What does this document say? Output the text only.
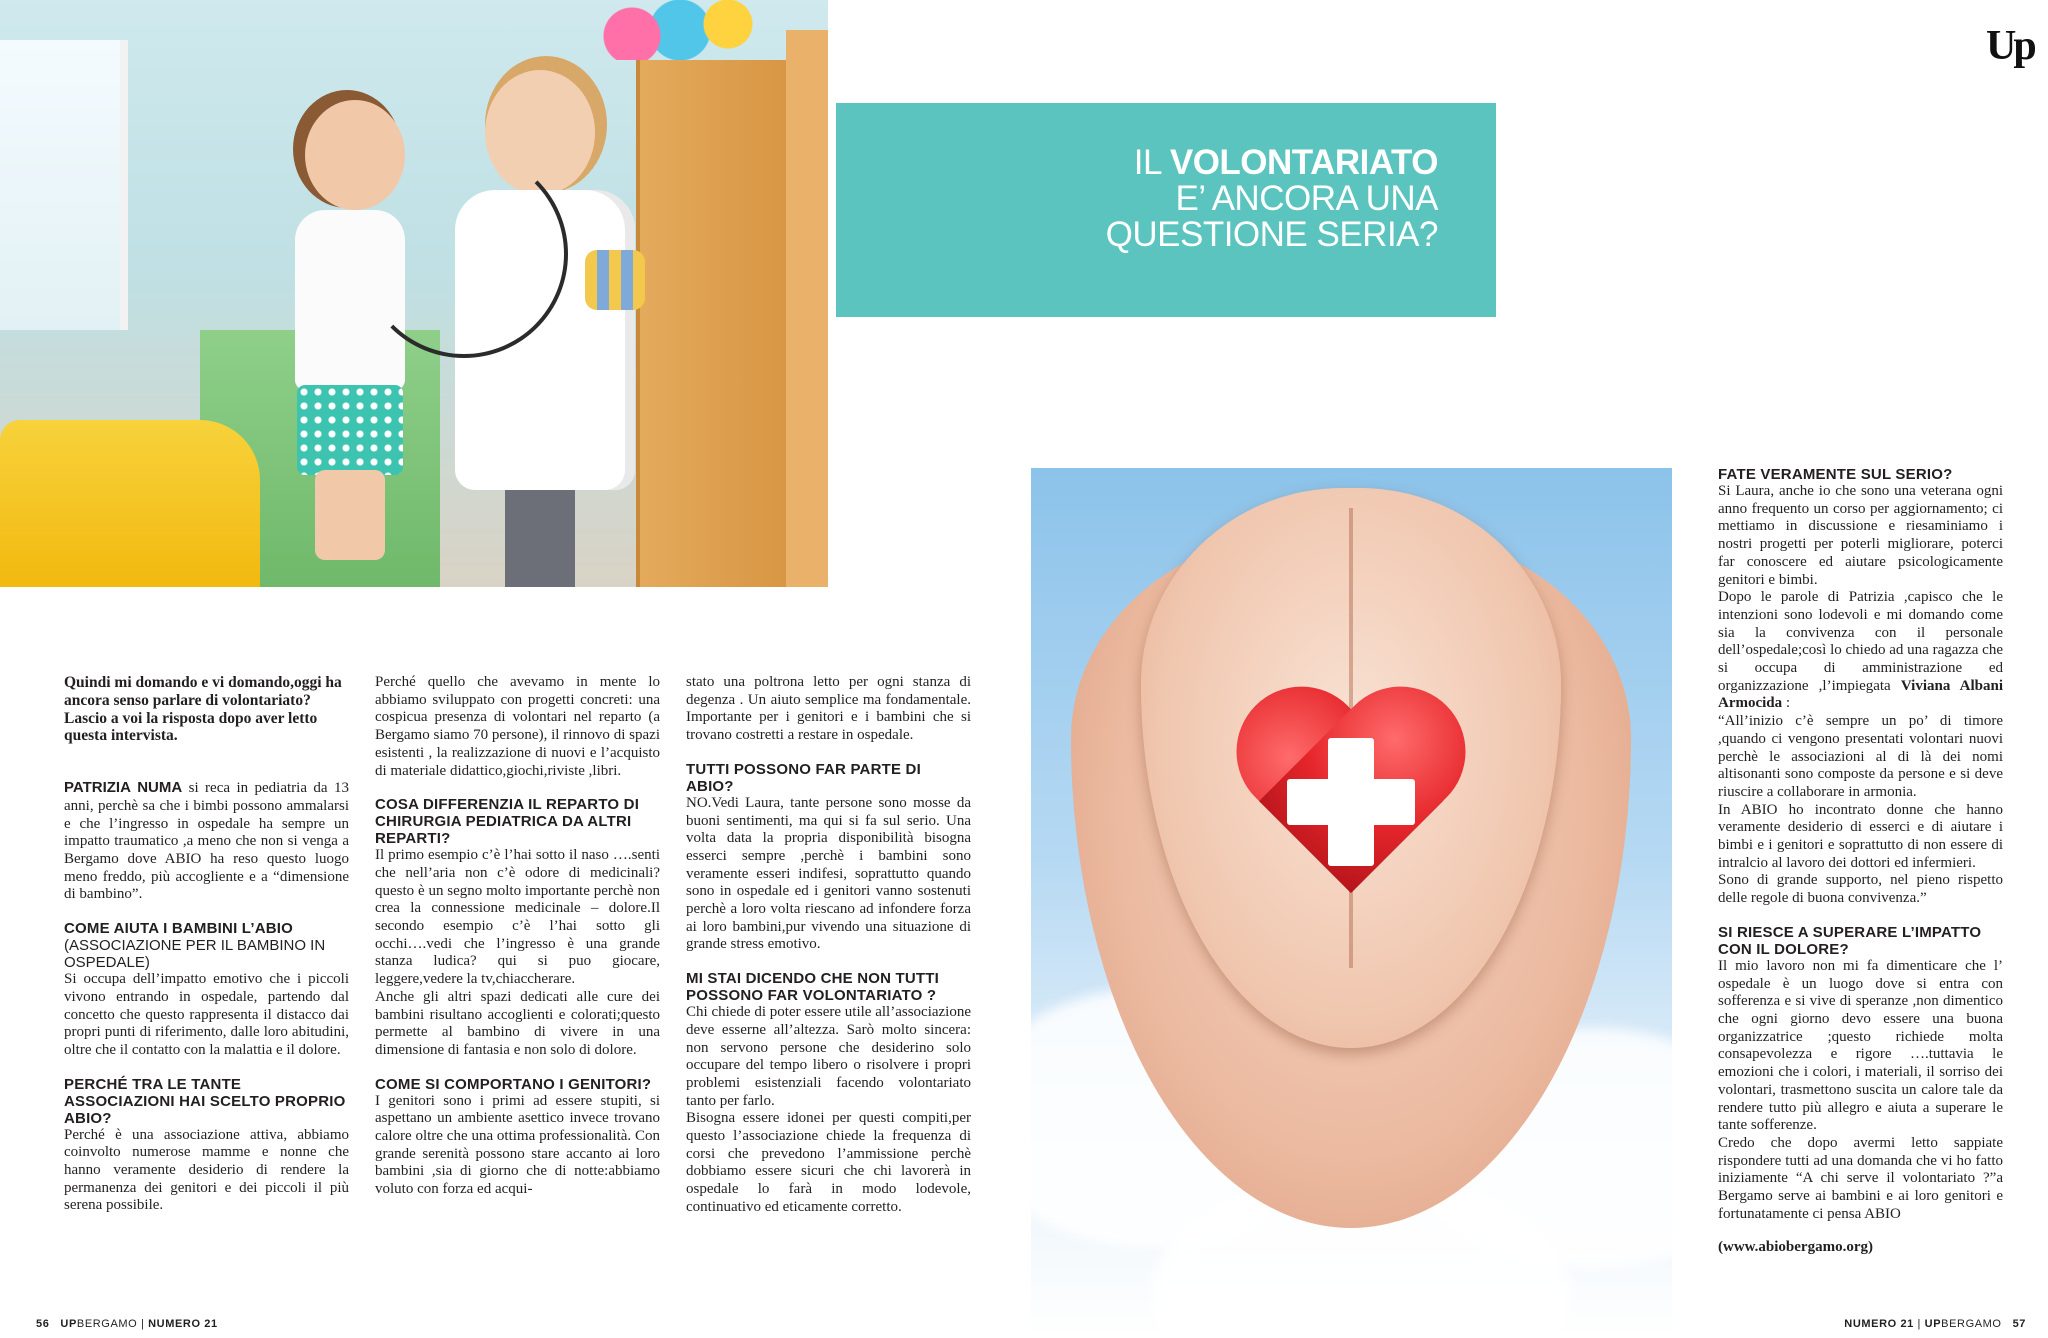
IL VOLONTARIATO
E’ ANCORA UNA
QUESTIONE SERIA?
Up

Quindi mi domando e vi domando,oggi ha ancora senso parlare di volontariato? Lascio a voi la risposta dopo aver letto questa intervista.

PATRIZIA NUMA si reca in pediatria da 13 anni, perchè sa che i bimbi possono ammalarsi e che l’ingresso in ospedale ha sempre un impatto traumatico ,a meno che non si venga a Bergamo dove ABIO ha reso questo luogo meno freddo, più accogliente e a “dimensione di bambino”.

COME AIUTA I BAMBINI L’ABIO

(ASSOCIAZIONE PER IL BAMBINO IN OSPEDALE)

Si occupa dell’impatto emotivo che i piccoli vivono entrando in ospedale, partendo dal concetto che questo rappresenta il distacco dai propri punti di riferimento, dalle loro abitudini, oltre che il contatto con la malattia e il dolore.

PERCHÉ TRA LE TANTE ASSOCIAZIONI HAI SCELTO PROPRIO ABIO?

Perché è una associazione attiva, abbiamo coinvolto numerose mamme e nonne che hanno veramente desiderio di rendere la permanenza dei genitori e dei piccoli il più serena possibile.

Perché quello che avevamo in mente lo abbiamo sviluppato con progetti concreti: una cospicua presenza di volontari nel reparto (a Bergamo siamo 70 persone), il rinnovo di spazi esistenti , la realizzazione di nuovi e l’acquisto di materiale didattico,giochi,riviste ,libri.

COSA DIFFERENZIA IL REPARTO DI CHIRURGIA PEDIATRICA DA ALTRI REPARTI?

Il primo esempio c’è l’hai sotto il naso ….senti che nell’aria non c’è odore di medicinali?questo è un segno molto importante perchè non crea la connessione medicinale – dolore.Il secondo esempio c’è l’hai sotto gli occhi….vedi che l’ingresso è una grande stanza ludica? qui si puo giocare, leggere,vedere la tv,chiaccherare.

Anche gli altri spazi dedicati alle cure dei bambini risultano accoglienti e colorati;questo permette al bambino di vivere in una dimensione di fantasia e non solo di dolore.

COME SI COMPORTANO I GENITORI?

I genitori sono i primi ad essere stupiti, si aspettano un ambiente asettico invece trovano calore oltre che una ottima professionalità. Con grande serenità possono stare accanto ai loro bambini ,sia di giorno che di notte:abbiamo voluto con forza ed acqui-

stato una poltrona letto per ogni stanza di degenza . Un aiuto semplice ma fondamentale. Importante per i genitori e i bambini che si trovano costretti a restare in ospedale.

TUTTI POSSONO FAR PARTE DI ABIO?

NO.Vedi Laura, tante persone sono mosse da buoni sentimenti, ma qui si fa sul serio. Una volta data la propria disponibilità bisogna esserci sempre ,perchè i bambini sono veramente esseri indifesi, soprattutto quando sono in ospedale ed i genitori vanno sostenuti perchè a loro volta riescano ad infondere forza ai loro bambini,pur vivendo una situazione di grande stress emotivo.

MI STAI DICENDO CHE NON TUTTI POSSONO FAR VOLONTARIATO ?

Chi chiede di poter essere utile all’associazione deve esserne all’altezza. Sarò molto sincera: non servono persone che desiderino solo occupare del tempo libero o risolvere i propri problemi esistenziali facendo volontariato tanto per farlo.

Bisogna essere idonei per questi compiti,per questo l’associazione chiede la frequenza di corsi che prevedono l’ammissione perchè dobbiamo essere sicuri che chi lavorerà in ospedale lo farà in modo lodevole, continuativo ed eticamente corretto.

FATE VERAMENTE SUL SERIO?

Si Laura, anche io che sono una veterana ogni anno frequento un corso per aggiornamento; ci mettiamo in discussione e riesaminiamo i nostri progetti per poterli migliorare, poterci far conoscere ed aiutare psicologicamente genitori e bimbi.

Dopo le parole di Patrizia ,capisco che le intenzioni sono lodevoli e mi domando come sia la convivenza con il personale dell’ospedale;così lo chiedo ad una ragazza che si occupa di amministrazione ed organizzazione ,l’impiegata Viviana Albani Armocida :

“All’inizio c’è sempre un po’ di timore ,quando ci vengono presentati volontari nuovi perchè le associazioni al di là dei nomi altisonanti sono composte da persone e si deve riuscire a collaborare in armonia.

In ABIO ho incontrato donne che hanno veramente desiderio di esserci e di aiutare i bimbi e i genitori e soprattutto di non essere di intralcio al lavoro dei dottori ed infermieri.

Sono di grande supporto, nel pieno rispetto delle regole di buona convivenza.”

SI RIESCE A SUPERARE L’IMPATTO CON IL DOLORE?

Il mio lavoro non mi fa dimenticare che l’ ospedale è un luogo dove si entra con sofferenza e si vive di speranze ,non dimentico che ogni giorno devo essere una buona organizzatrice ;questo richiede molta consapevolezza e rigore ….tuttavia le emozioni che i colori, i materiali, il sorriso dei volontari, trasmettono suscita un calore tale da rendere tutto più allegro e aiuta a superare le tante sofferenze.

Credo che dopo avermi letto sappiate rispondere tutti ad una domanda che vi ho fatto iniziamente “A chi serve il volontariato ?”a Bergamo serve ai bambini e ai loro genitori e fortunatamente ci pensa ABIO

(www.abiobergamo.org)

56 UPBERGAMO | NUMERO 21	NUMERO 21 | UPBERGAMO 57
